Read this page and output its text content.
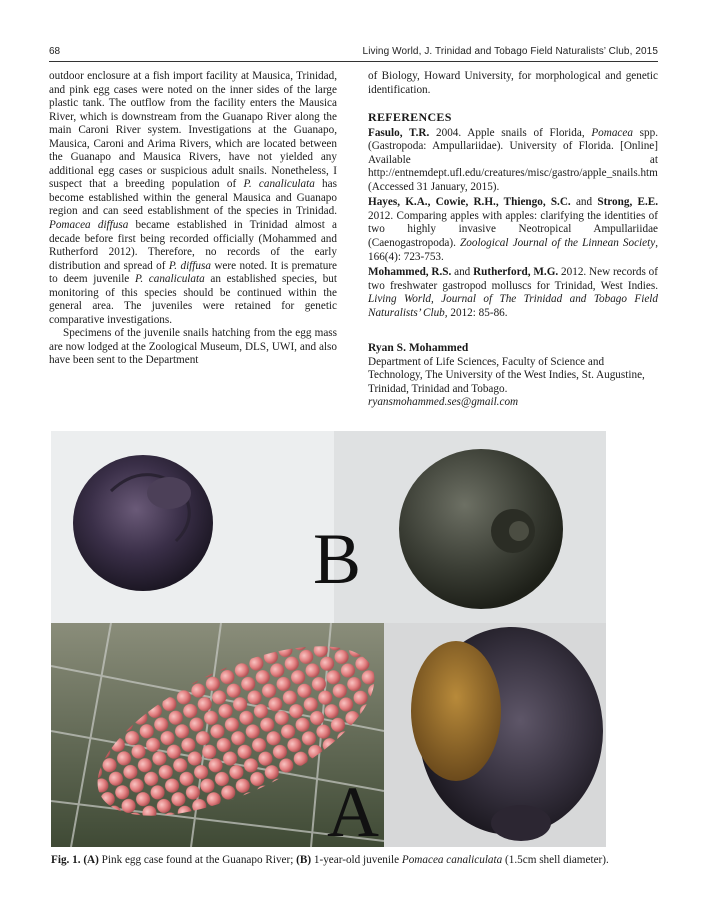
68	Living World, J. Trinidad and Tobago Field Naturalists’ Club, 2015

outdoor enclosure at a fish import facility at Mausica, Trinidad, and pink egg cases were noted on the inner sides of the large plastic tank. The outflow from the facility enters the Mausica River, which is downstream from the Guanapo River along the main Caroni River system. Investigations at the Guanapo, Mausica, Caroni and Arima Rivers, which are located between the Guanapo and Mausica Rivers, have not yielded any additional egg cases or suspicious adult snails. Nonetheless, I suspect that a breeding population of P. canaliculata has become established within the general Mausica and Guanapo region and can seed establishment of the species in Trinidad. Pomacea diffusa became established in Trinidad almost a decade before first being recorded officially (Mohammed and Rutherford 2012). Therefore, no records of the early distribution and spread of P. diffusa were noted. It is premature to deem juvenile P. canaliculata an established species, but monitoring of this species should be continued within the general area. The juveniles were retained for genetic comparative investigations.

Specimens of the juvenile snails hatching from the egg mass are now lodged at the Zoological Museum, DLS, UWI, and also have been sent to the Department

of Biology, Howard University, for morphological and genetic identification.

REFERENCES

Fasulo, T.R. 2004. Apple snails of Florida, Pomacea spp. (Gastropoda: Ampullariidae). University of Florida. [Online] Available at http://entnemdept.ufl.edu/creatures/misc/gastro/apple_snails.htm (Accessed 31 January, 2015).

Hayes, K.A., Cowie, R.H., Thiengo, S.C. and Strong, E.E. 2012. Comparing apples with apples: clarifying the identities of two highly invasive Neotropical Ampullariidae (Caenogastropoda). Zoological Journal of the Linnean Society, 166(4): 723-753.

Mohammed, R.S. and Rutherford, M.G. 2012. New records of two freshwater gastropod molluscs for Trinidad, West Indies. Living World, Journal of The Trinidad and Tobago Field Naturalists’ Club, 2012: 85-86.

Ryan S. Mohammed

Department of Life Sciences, Faculty of Science and Technology, The University of the West Indies, St. Augustine, Trinidad, Trinidad and Tobago.

ryansmohammed.ses@gmail.com

B
A
Fig. 1. (A) Pink egg case found at the Guanapo River; (B) 1-year-old juvenile Pomacea canaliculata (1.5cm shell diameter).
